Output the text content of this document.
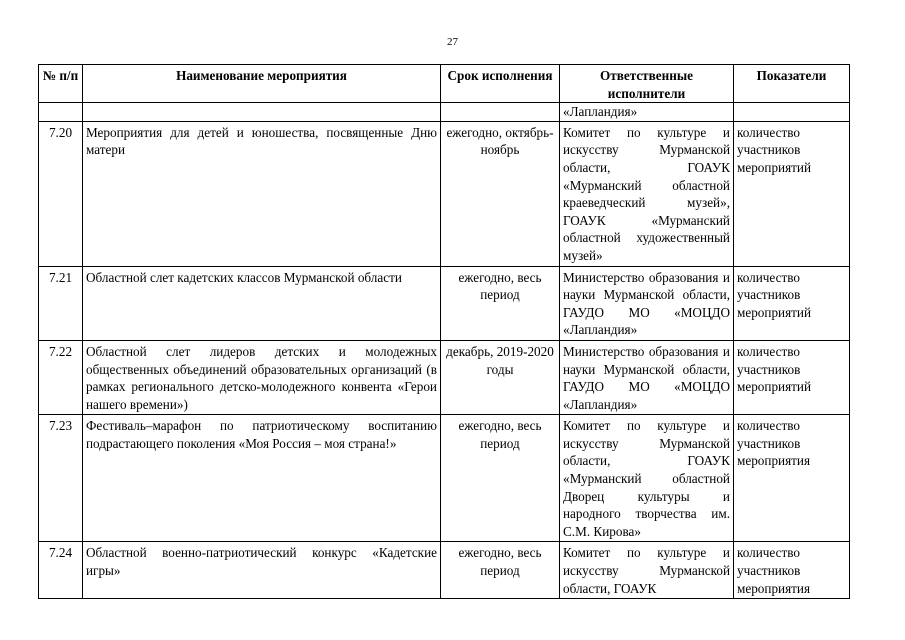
27
№ п/п	Наименование мероприятия	Срок исполнения	Ответственные исполнители	Показатели
			«Лапландия»	
7.20	Мероприятия для детей и юношества, посвященные Дню матери	ежегодно, октябрь-ноябрь	Комитет по культуре и искусству Мурманской области, ГОАУК «Мурманский областной краеведческий музей», ГОАУК «Мурманский областной художественный музей»	количество участников мероприятий
7.21	Областной слет кадетских классов Мурманской области	ежегодно, весь период	Министерство образования и науки Мурманской области, ГАУДО МО «МОЦДО «Лапландия»	количество участников мероприятий
7.22	Областной слет лидеров детских и молодежных общественных объединений образовательных организаций (в рамках регионального детско-молодежного конвента «Герои нашего времени»)	декабрь, 2019-2020 годы	Министерство образования и науки Мурманской области, ГАУДО МО «МОЦДО «Лапландия»	количество участников мероприятий
7.23	Фестиваль–марафон по патриотическому воспитанию подрастающего поколения «Моя Россия – моя страна!»	ежегодно, весь период	Комитет по культуре и искусству Мурманской области, ГОАУК «Мурманский областной Дворец культуры и народного творчества им. С.М. Кирова»	количество участников мероприятия
7.24	Областной военно-патриотический конкурс «Кадетские игры»	ежегодно, весь период	Комитет по культуре и искусству Мурманской области, ГОАУК	количество участников мероприятия
